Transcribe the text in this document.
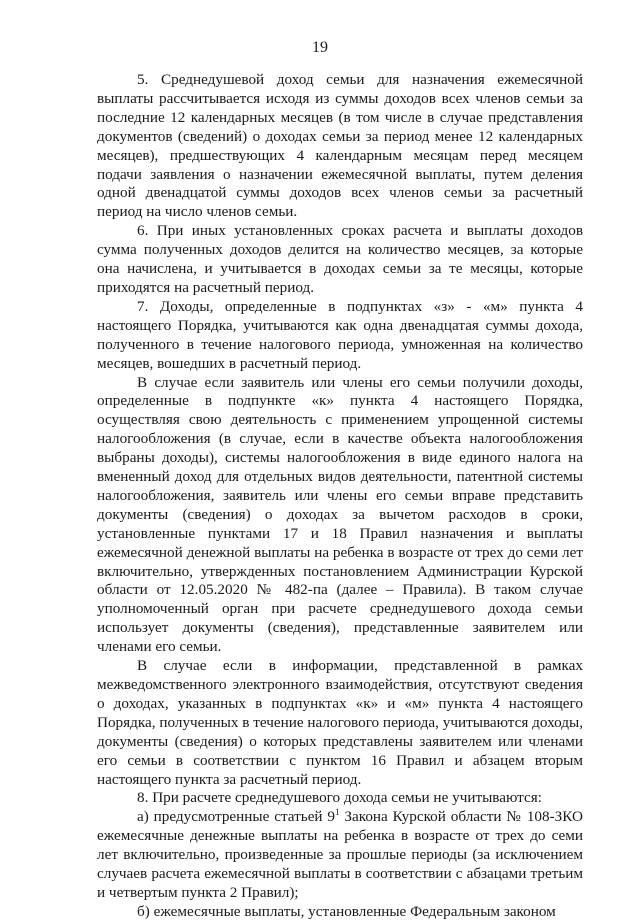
19

5. Среднедушевой доход семьи для назначения ежемесячной выплаты рассчитывается исходя из суммы доходов всех членов семьи за последние 12 календарных месяцев (в том числе в случае представления документов (сведений) о доходах семьи за период менее 12 календарных месяцев), предшествующих 4 календарным месяцам перед месяцем подачи заявления о назначении ежемесячной выплаты, путем деления одной двенадцатой суммы доходов всех членов семьи за расчетный период на число членов семьи.

6. При иных установленных сроках расчета и выплаты доходов сумма полученных доходов делится на количество месяцев, за которые она начислена, и учитывается в доходах семьи за те месяцы, которые приходятся на расчетный период.

7. Доходы, определенные в подпунктах «з» - «м» пункта 4 настоящего Порядка, учитываются как одна двенадцатая суммы дохода, полученного в течение налогового периода, умноженная на количество месяцев, вошедших в расчетный период.

В случае если заявитель или члены его семьи получили доходы, определенные в подпункте «к» пункта 4 настоящего Порядка, осуществляя свою деятельность с применением упрощенной системы налогообложения (в случае, если в качестве объекта налогообложения выбраны доходы), системы налогообложения в виде единого налога на вмененный доход для отдельных видов деятельности, патентной системы налогообложения, заявитель или члены его семьи вправе представить документы (сведения) о доходах за вычетом расходов в сроки, установленные пунктами 17 и 18 Правил назначения и выплаты ежемесячной денежной выплаты на ребенка в возрасте от трех до семи лет включительно, утвержденных постановлением Администрации Курской области от 12.05.2020 № 482-па (далее – Правила). В таком случае уполномоченный орган при расчете среднедушевого дохода семьи использует документы (сведения), представленные заявителем или членами его семьи.

В случае если в информации, представленной в рамках межведомственного электронного взаимодействия, отсутствуют сведения о доходах, указанных в подпунктах «к» и «м» пункта 4 настоящего Порядка, полученных в течение налогового периода, учитываются доходы, документы (сведения) о которых представлены заявителем или членами его семьи в соответствии с пунктом 16 Правил и абзацем вторым настоящего пункта за расчетный период.

8. При расчете среднедушевого дохода семьи не учитываются:

а) предусмотренные статьей $9^1$ Закона Курской области № 108-ЗКО ежемесячные денежные выплаты на ребенка в возрасте от трех до семи лет включительно, произведенные за прошлые периоды (за исключением случаев расчета ежемесячной выплаты в соответствии с абзацами третьим и четвертым пункта 2 Правил);

б) ежемесячные выплаты, установленные Федеральным законом
